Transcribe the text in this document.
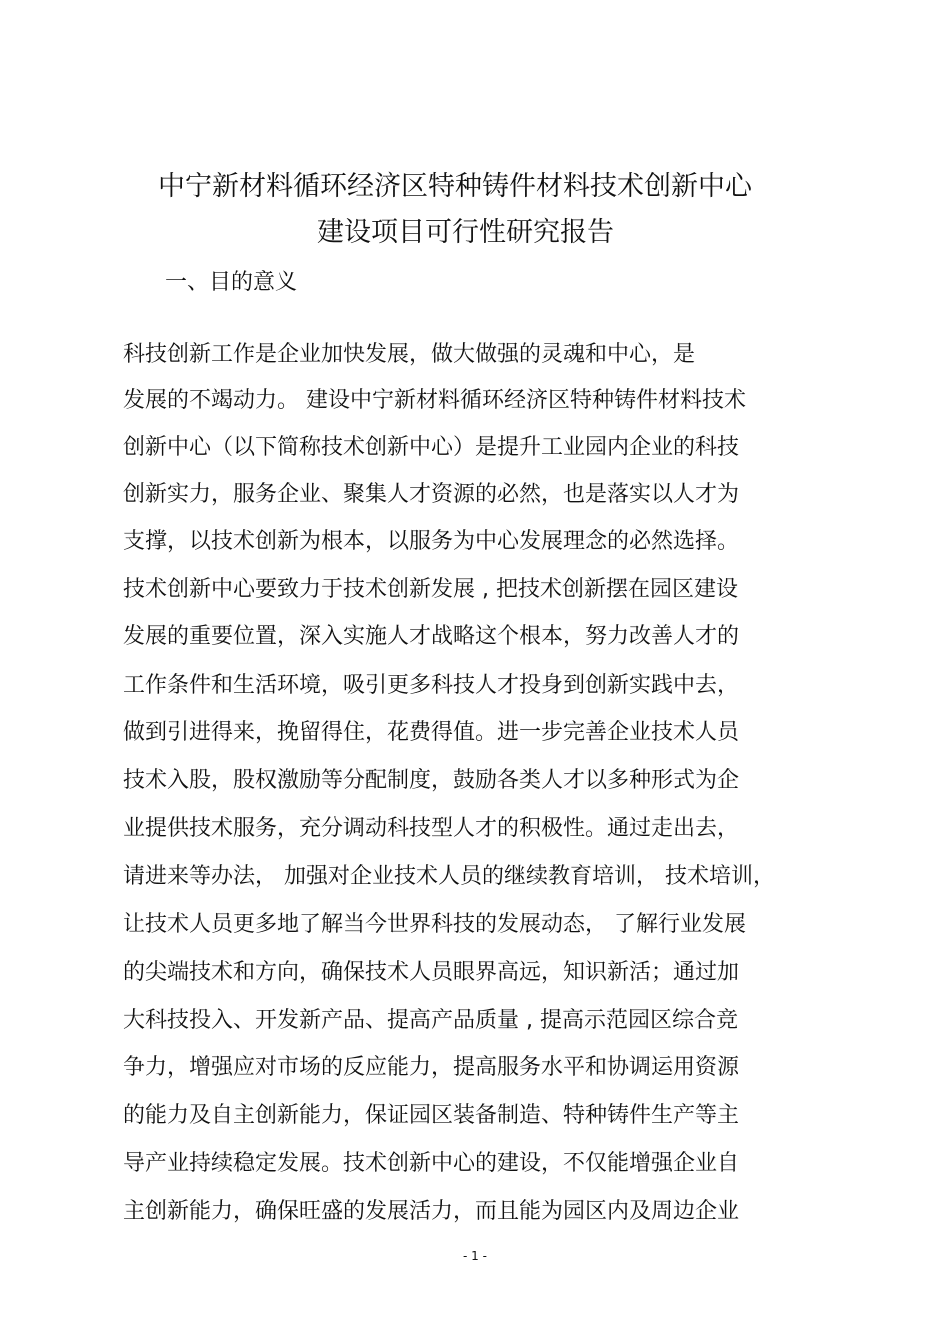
中宁新材料循环经济区特种铸件材料技术创新中心
建设项目可行性研究报告
一、目的意义
科技创新工作是企业加快发展，做大做强的灵魂和中心，是
发展的不竭动力。 建设中宁新材料循环经济区特种铸件材料技术
创新中心（以下简称技术创新中心）是提升工业园内企业的科技
创新实力，服务企业、聚集人才资源的必然，也是落实以人才为
支撑，以技术创新为根本，以服务为中心发展理念的必然选择。
技术创新中心要致力于技术创新发展 , 把技术创新摆在园区建设
发展的重要位置，深入实施人才战略这个根本，努力改善人才的
工作条件和生活环境，吸引更多科技人才投身到创新实践中去，
做到引进得来，挽留得住，花费得值。进一步完善企业技术人员
技术入股，股权激励等分配制度，鼓励各类人才以多种形式为企
业提供技术服务，充分调动科技型人才的积极性。通过走出去，
请进来等办法， 加强对企业技术人员的继续教育培训， 技术培训，
让技术人员更多地了解当今世界科技的发展动态， 了解行业发展
的尖端技术和方向，确保技术人员眼界高远，知识新活；通过加
大科技投入、开发新产品、提高产品质量 , 提高示范园区综合竞
争力，增强应对市场的反应能力，提高服务水平和协调运用资源
的能力及自主创新能力，保证园区装备制造、特种铸件生产等主
导产业持续稳定发展。技术创新中心的建设，不仅能增强企业自
主创新能力，确保旺盛的发展活力，而且能为园区内及周边企业
- 1 -
